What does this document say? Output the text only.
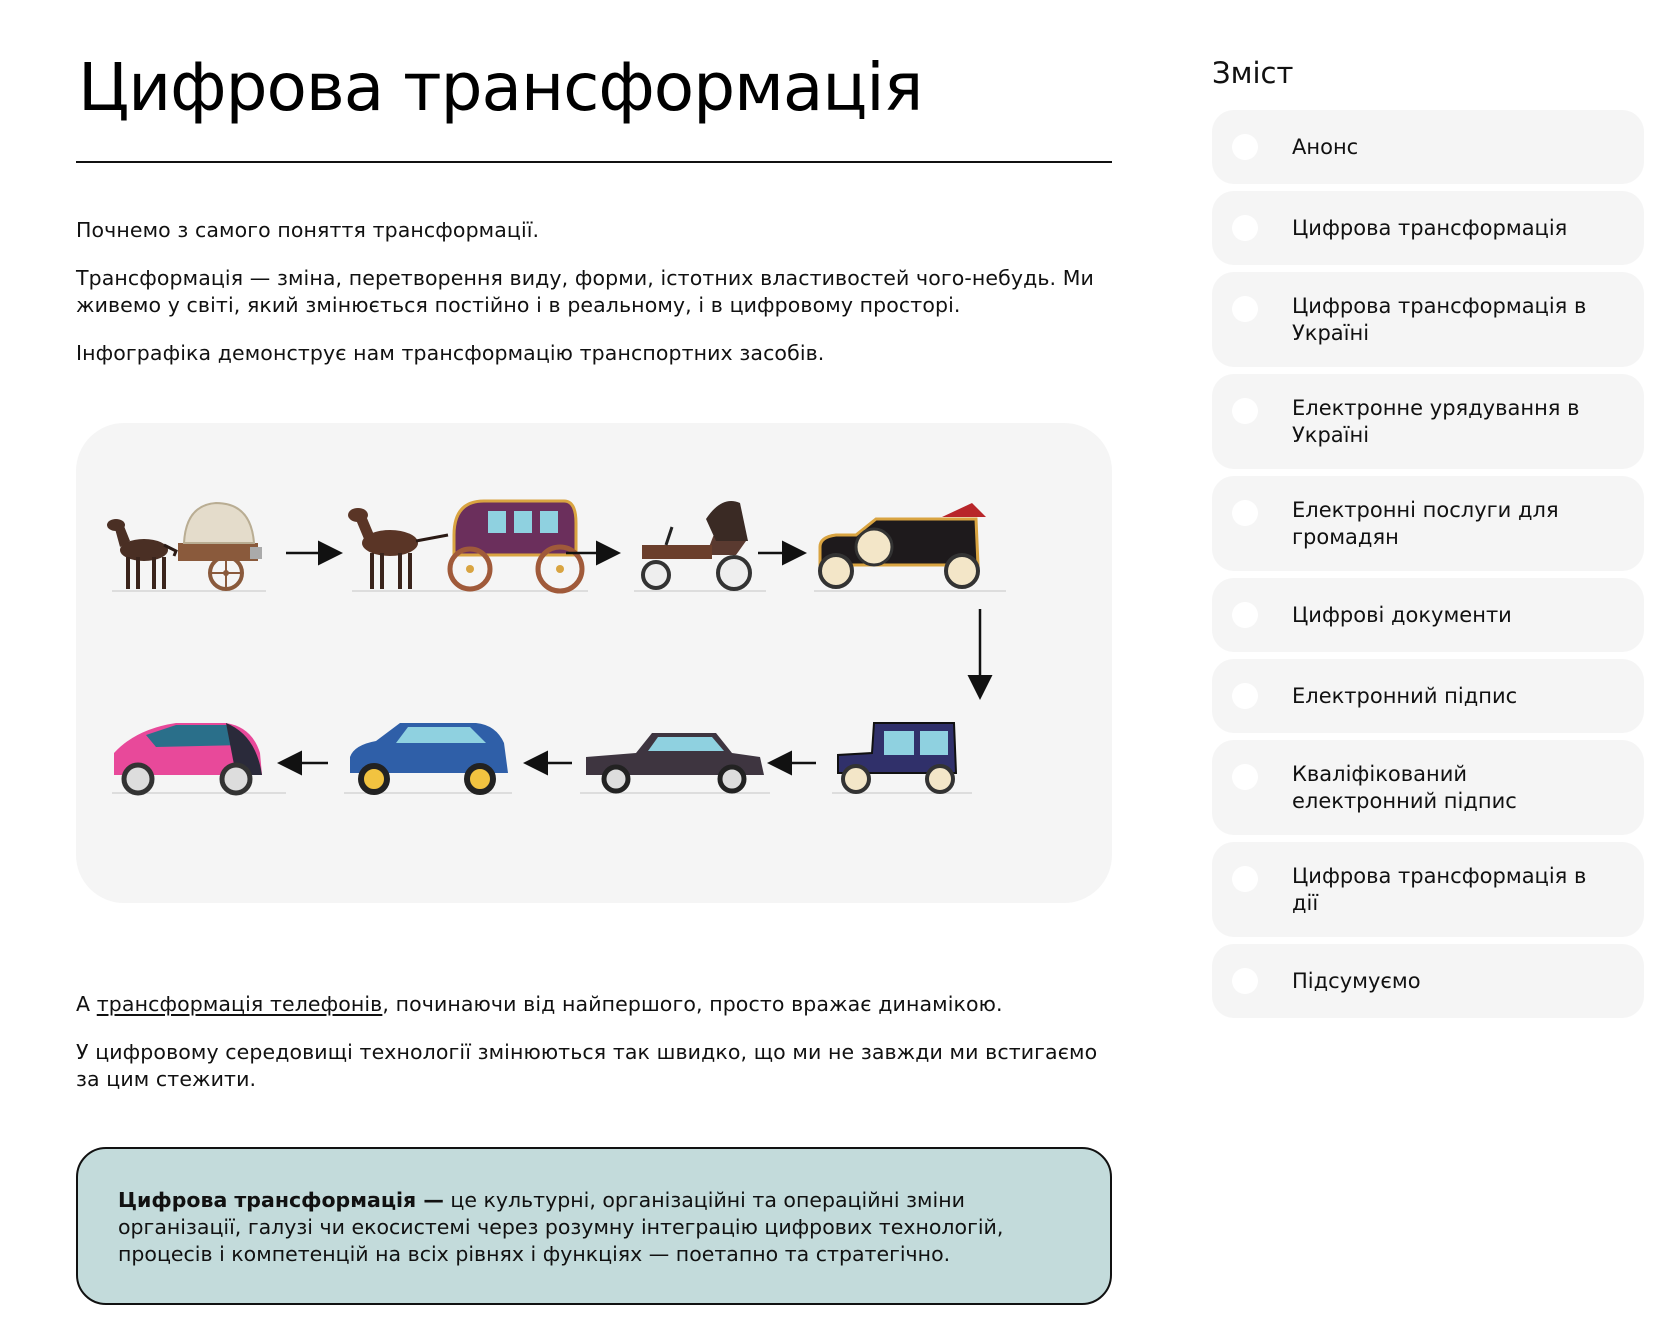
Цифрова трансформація

Почнемо з самого поняття трансформації.

Трансформація — зміна, перетворення виду, форми, істотних властивостей чого-небудь. Ми живемо у світі, який змінюється постійно і в реальному, і в цифровому просторі.

Інфографіка демонструє нам трансформацію транспортних засобів.

А трансформація телефонів, починаючи від найпершого, просто вражає динамікою.

У цифровому середовищі технології змінюються так швидко, що ми не завжди ми встигаємо за цим стежити.

Цифрова трансформація — це культурні, організаційні та операційні зміни організації, галузі чи екосистемі через розумну інтеграцію цифрових технологій, процесів і компетенцій на всіх рівнях і функціях — поетапно та стратегічно.
Зміст
Анонс
Цифрова трансформація
Цифрова трансформація в Україні
Електронне урядування в Україні
Електронні послуги для громадян
Цифрові документи
Електронний підпис
Кваліфікований електронний підпис
Цифрова трансформація в дії
Підсумуємо
